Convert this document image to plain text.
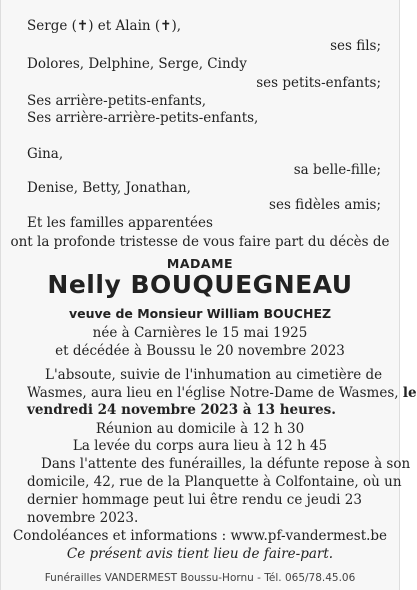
Serge (✝) et Alain (✝),
ses fils;
Dolores, Delphine, Serge, Cindy
ses petits-enfants;
Ses arrière-petits-enfants,
Ses arrière-arrière-petits-enfants,
Gina,
sa belle-fille;
Denise, Betty, Jonathan,
ses fidèles amis;
Et les familles apparentées
ont la profonde tristesse de vous faire part du décès de
MADAME
Nelly BOUQUEGNEAU
veuve de Monsieur William BOUCHEZ
née à Carnières le 15 mai 1925
et décédée à Boussu le 20 novembre 2023
L'absoute, suivie de l'inhumation au cimetière de
Wasmes, aura lieu en l'église Notre-Dame de Wasmes, le
vendredi 24 novembre 2023 à 13 heures.
Réunion au domicile à 12 h 30
La levée du corps aura lieu à 12 h 45
Dans l'attente des funérailles, la défunte repose à son
domicile, 42, rue de la Planquette à Colfontaine, où un
dernier hommage peut lui être rendu ce jeudi 23
novembre 2023.
Condoléances et informations : www.pf-vandermest.be
Ce présent avis tient lieu de faire-part.
Funérailles VANDERMEST Boussu-Hornu - Tél. 065/78.45.06
